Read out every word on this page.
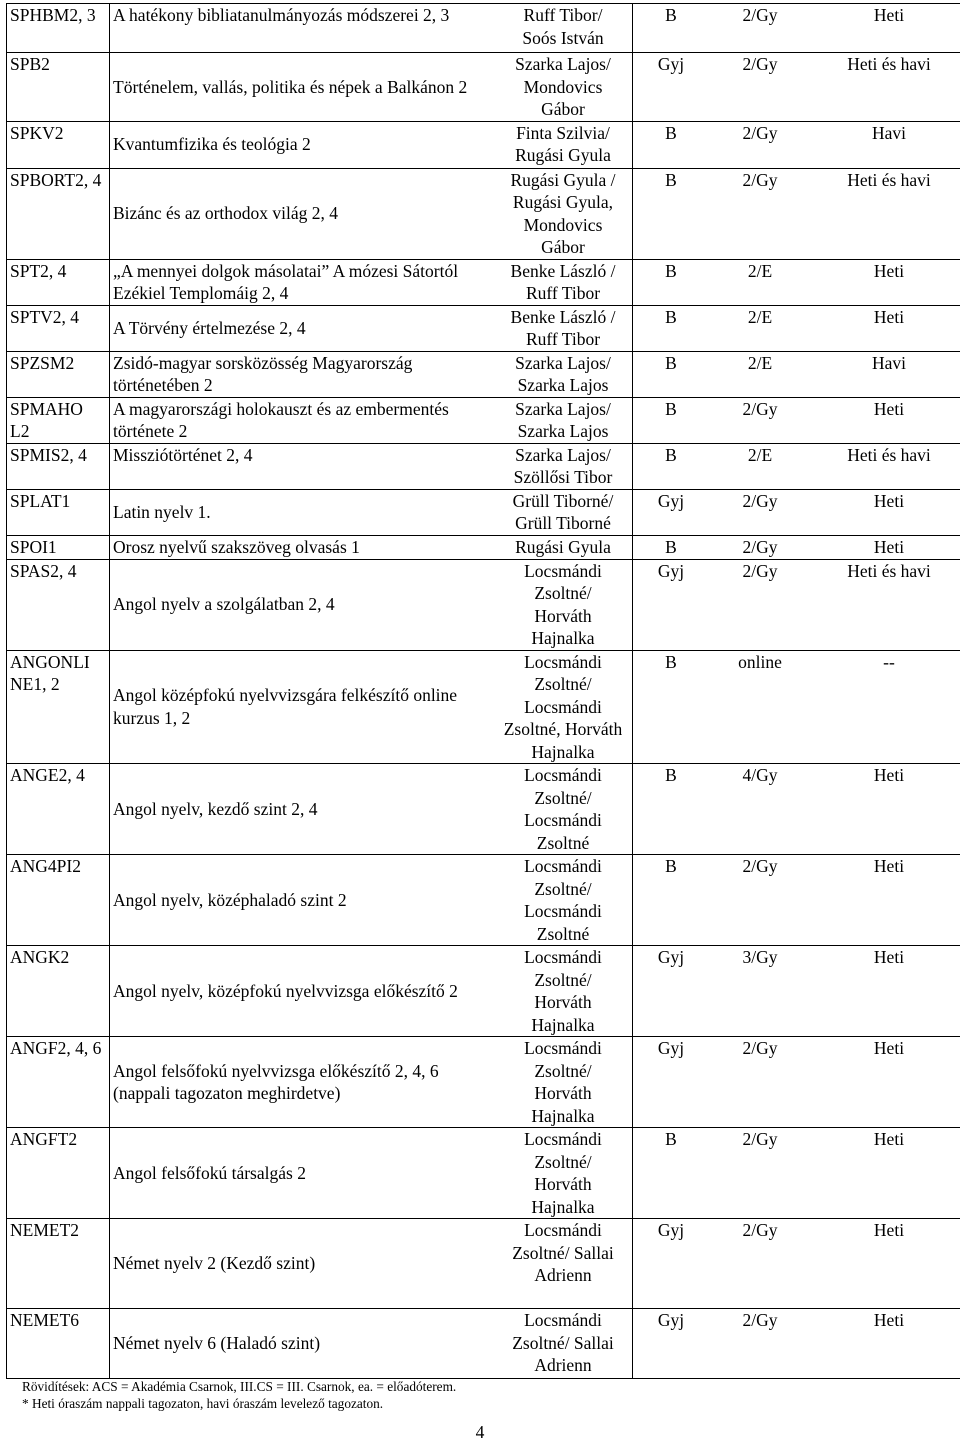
SPHBM2, 3	A hatékony bibliatanulmányozás módszerei 2, 3	Ruff Tibor/
Soós István	B	2/Gy	Heti
SPB2	Történelem, vallás, politika és népek a Balkánon 2	Szarka Lajos/
Mondovics
Gábor	Gyj	2/Gy	Heti és havi
SPKV2	Kvantumfizika és teológia 2	Finta Szilvia/
Rugási Gyula	B	2/Gy	Havi
SPBORT2, 4	Bizánc és az orthodox világ 2, 4	Rugási Gyula /
Rugási Gyula,
Mondovics
Gábor	B	2/Gy	Heti és havi
SPT2, 4	„A mennyei dolgok másolatai” A mózesi Sátortól Ezékiel Templomáig 2, 4	Benke László /
Ruff Tibor	B	2/E	Heti
SPTV2, 4	A Törvény értelmezése 2, 4	Benke László /
Ruff Tibor	B	2/E	Heti
SPZSM2	Zsidó-magyar sorsközösség Magyarország történetében 2	Szarka Lajos/
Szarka Lajos	B	2/E	Havi
SPMAHO L2	A magyarországi holokauszt és az embermentés története 2	Szarka Lajos/
Szarka Lajos	B	2/Gy	Heti
SPMIS2, 4	Missziótörténet 2, 4	Szarka Lajos/
Szöllősi Tibor	B	2/E	Heti és havi
SPLAT1	Latin nyelv 1.	Grüll Tiborné/
Grüll Tiborné	Gyj	2/Gy	Heti
SPOI1	Orosz nyelvű szakszöveg olvasás 1	Rugási Gyula	B	2/Gy	Heti
SPAS2, 4	Angol nyelv a szolgálatban 2, 4	Locsmándi
Zsoltné/
Horváth
Hajnalka	Gyj	2/Gy	Heti és havi
ANGONLI NE1, 2	Angol középfokú nyelvvizsgára felkészítő online kurzus 1, 2	Locsmándi
Zsoltné/
Locsmándi
Zsoltné, Horváth
Hajnalka	B	online	--
ANGE2, 4	Angol nyelv, kezdő szint 2, 4	Locsmándi
Zsoltné/
Locsmándi
Zsoltné	B	4/Gy	Heti
ANG4PI2	Angol nyelv, középhaladó szint 2	Locsmándi
Zsoltné/
Locsmándi
Zsoltné	B	2/Gy	Heti
ANGK2	Angol nyelv, középfokú nyelvvizsga előkészítő 2	Locsmándi
Zsoltné/
Horváth
Hajnalka	Gyj	3/Gy	Heti
ANGF2, 4, 6	Angol felsőfokú nyelvvizsga előkészítő 2, 4, 6 (nappali tagozaton meghirdetve)	Locsmándi
Zsoltné/
Horváth
Hajnalka	Gyj	2/Gy	Heti
ANGFT2	Angol felsőfokú társalgás 2	Locsmándi
Zsoltné/
Horváth
Hajnalka	B	2/Gy	Heti
NEMET2	Német nyelv 2 (Kezdő szint)	Locsmándi
Zsoltné/ Sallai
Adrienn	Gyj	2/Gy	Heti
NEMET6	Német nyelv 6 (Haladó szint)	Locsmándi
Zsoltné/ Sallai
Adrienn	Gyj	2/Gy	Heti
Rövidítések: ACS = Akadémia Csarnok, III.CS = III. Csarnok, ea. = előadóterem.
* Heti óraszám nappali tagozaton, havi óraszám levelező tagozaton.
4
